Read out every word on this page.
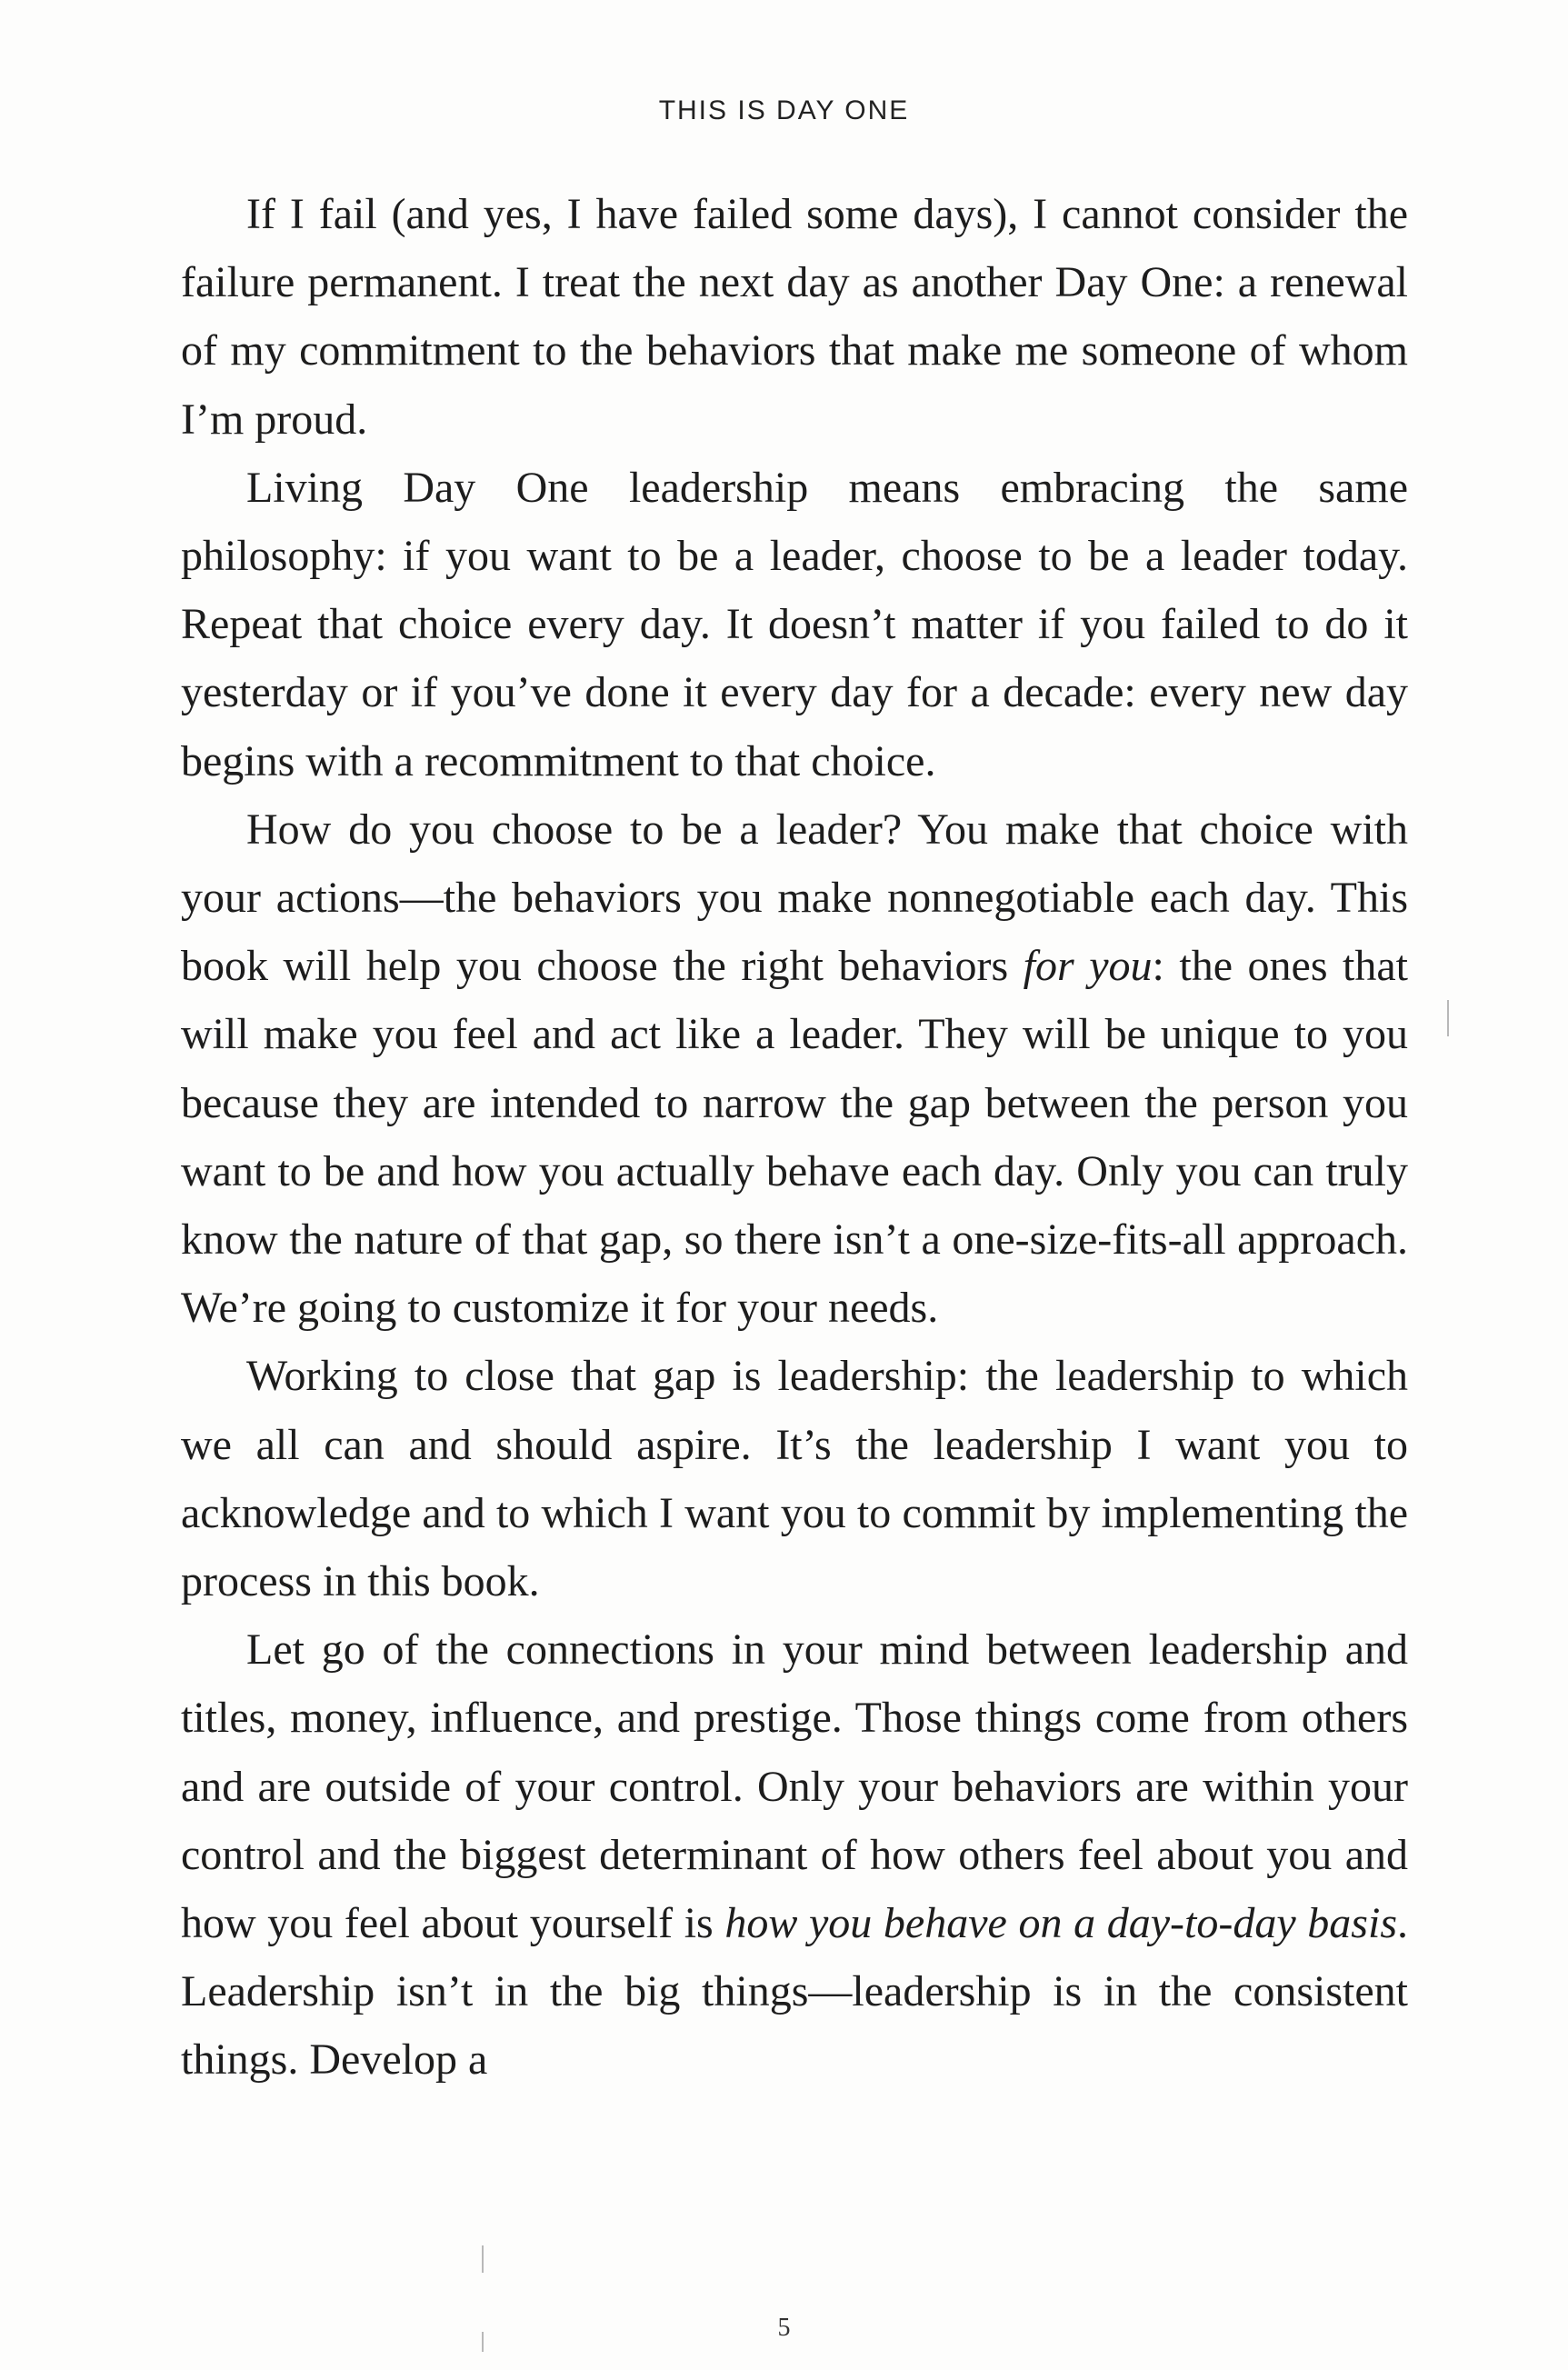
THIS IS DAY ONE

If I fail (and yes, I have failed some days), I cannot consider the failure permanent. I treat the next day as another Day One: a renewal of my commitment to the behaviors that make me someone of whom I’m proud.

Living Day One leadership means embracing the same philosophy: if you want to be a leader, choose to be a leader today. Repeat that choice every day. It doesn’t matter if you failed to do it yesterday or if you’ve done it every day for a decade: every new day begins with a recommitment to that choice.

How do you choose to be a leader? You make that choice with your actions—the behaviors you make nonnegotiable each day. This book will help you choose the right behaviors for you: the ones that will make you feel and act like a leader. They will be unique to you because they are intended to narrow the gap between the person you want to be and how you actually behave each day. Only you can truly know the nature of that gap, so there isn’t a one-size-fits-all approach. We’re going to customize it for your needs.

Working to close that gap is leadership: the leadership to which we all can and should aspire. It’s the leadership I want you to acknowledge and to which I want you to commit by implementing the process in this book.

Let go of the connections in your mind between leadership and titles, money, influence, and prestige. Those things come from others and are outside of your control. Only your behaviors are within your control and the biggest determinant of how others feel about you and how you feel about yourself is how you behave on a day-to-day basis. Leadership isn’t in the big things—leadership is in the consistent things. Develop a

5
